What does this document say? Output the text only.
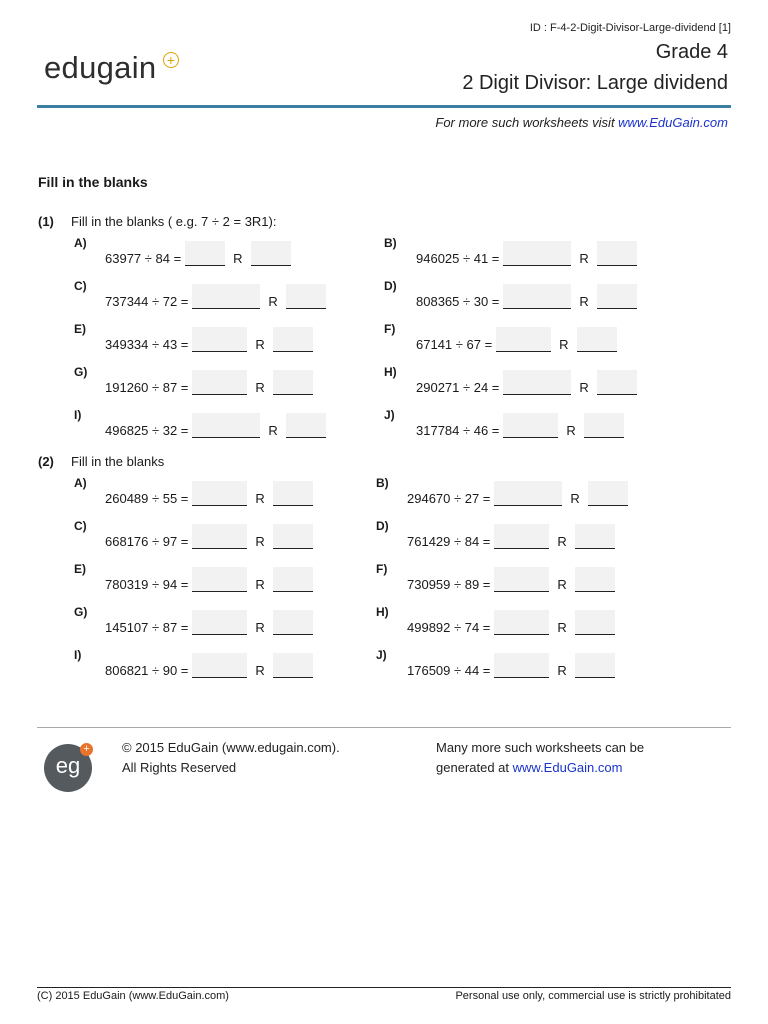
ID : F-4-2-Digit-Divisor-Large-dividend [1]
edugain +	Grade 4
2 Digit Divisor: Large dividend
For more such worksheets visit www.EduGain.com
Fill in the blanks
(1) Fill in the blanks ( e.g. 7 ÷ 2 = 3R1):
A)
63977 ÷ 84 =	R
B)
946025 ÷ 41 =	R
C)
737344 ÷ 72 =	R
D)
808365 ÷ 30 =	R
E)
349334 ÷ 43 =	R
F)
67141 ÷ 67 =	R
G)
191260 ÷ 87 =	R
H)
290271 ÷ 24 =	R
I)
496825 ÷ 32 =	R
J)
317784 ÷ 46 =	R
(2) Fill in the blanks
A)
260489 ÷ 55 =	R
B)
294670 ÷ 27 =	R
C)
668176 ÷ 97 =	R
D)
761429 ÷ 84 =	R
E)
780319 ÷ 94 =	R
F)
730959 ÷ 89 =	R
G)
145107 ÷ 87 =	R
H)
499892 ÷ 74 =	R
I)
806821 ÷ 90 =	R
J)
176509 ÷ 44 =	R
eg
+ © 2015 EduGain (www.edugain.com).
All Rights Reserved
Many more such worksheets can be
generated at www.EduGain.com
(C) 2015 EduGain (www.EduGain.com)	Personal use only, commercial use is strictly prohibitated
